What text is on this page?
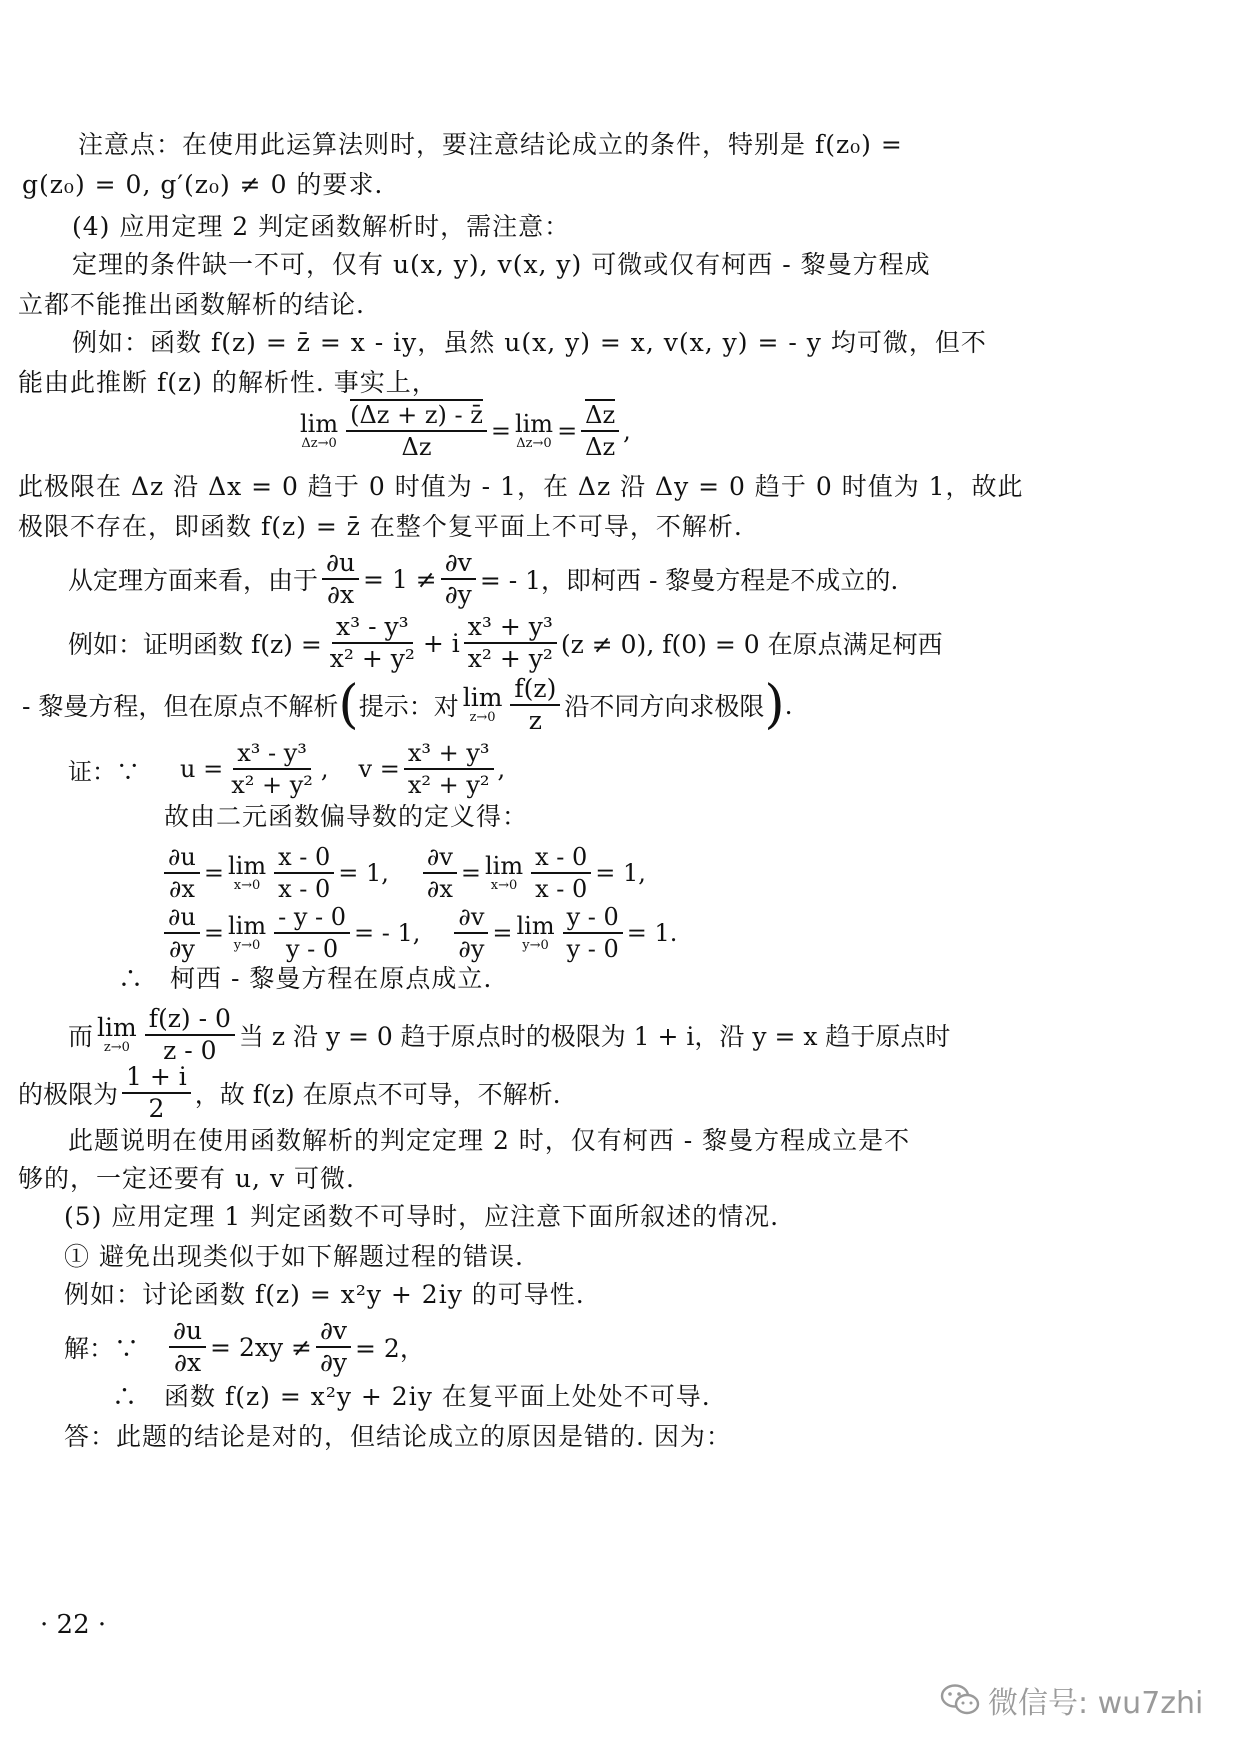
注意点：在使用此运算法则时，要注意结论成立的条件，特别是 f(z₀) =
g(z₀) = 0, g′(z₀) ≠ 0 的要求.
(4) 应用定理 2 判定函数解析时，需注意：
定理的条件缺一不可，仅有 u(x, y), v(x, y) 可微或仅有柯西 - 黎曼方程成
立都不能推出函数解析的结论.
例如：函数 f(z) = z̄ = x - iy，虽然 u(x, y) = x, v(x, y) = - y 均可微，但不
能由此推断 f(z) 的解析性. 事实上，
lim
$\Delta z\to 0 \frac{(\Delta z + z) - z̄}{\Delta z} = \lim$
$\Delta z\to 0 = \frac{\Delta z}{\Delta z}$ ,
此极限在 Δz 沿 Δx = 0 趋于 0 时值为 - 1，在 Δz 沿 Δy = 0 趋于 0 时值为 1，故此
极限不存在，即函数 f(z) = z̄ 在整个复平面上不可导，不解析.
从定理方面来看，由于 $\frac{\partial u}{\partial x} = 1 \ne \frac{\partial v}{\partial y}$ = - 1，即柯西 - 黎曼方程是不成立的.
例如：证明函数 $f(z) = \frac{\text{x³ - y³}}{\text{x² + y²}} + i \frac{\text{x³ + y³}}{\text{x² + y²}} (z \ne 0)$, f(0) = 0 在原点满足柯西
- 黎曼方程，但在原点不解析 ( 提示：对 lim
$z\to 0 \frac{f(z)}{z}$ 沿不同方向求极限 ) .
证：∵ $u = \frac{\text{x³ - y³}}{\text{x² + y²}}$ , $v = \frac{\text{x³ + y³}}{\text{x² + y²}}$ ,
故由二元函数偏导数的定义得：
$\frac{\partial u}{\partial x} = \lim$
$x\to 0 \frac{x - 0}{x - 0} = 1$, $\frac{\partial v}{\partial x} = \lim$
$x\to 0 \frac{x - 0}{x - 0} = 1$,
$\frac{\partial u}{\partial y} = \lim$
$y\to 0 \frac{- y - 0}{y - 0}$ = - 1, $\frac{\partial v}{\partial y} = \lim$
$y\to 0 \frac{y - 0}{y - 0} = 1$.
∴　柯西 - 黎曼方程在原点成立.
而 lim
$z\to 0 \frac{f(z) - 0}{z - 0}$ 当 z 沿 y = 0 趋于原点时的极限为 1 + i，沿 y = x 趋于原点时
的极限为 $\frac{1 + i}{2}$ ，故 f(z) 在原点不可导，不解析.
此题说明在使用函数解析的判定定理 2 时，仅有柯西 - 黎曼方程成立是不
够的，一定还要有 u, v 可微.
(5) 应用定理 1 判定函数不可导时，应注意下面所叙述的情况.
① 避免出现类似于如下解题过程的错误.
例如：讨论函数 f(z) = x²y + 2iy 的可导性.
解：∵ $\frac{\partial u}{\partial x} = 2xy \ne \frac{\partial v}{\partial y} = 2$，
∴　函数 f(z) = x²y + 2iy 在复平面上处处不可导.
答：此题的结论是对的，但结论成立的原因是错的. 因为：
· 22 ·
微信号: wu7zhi
